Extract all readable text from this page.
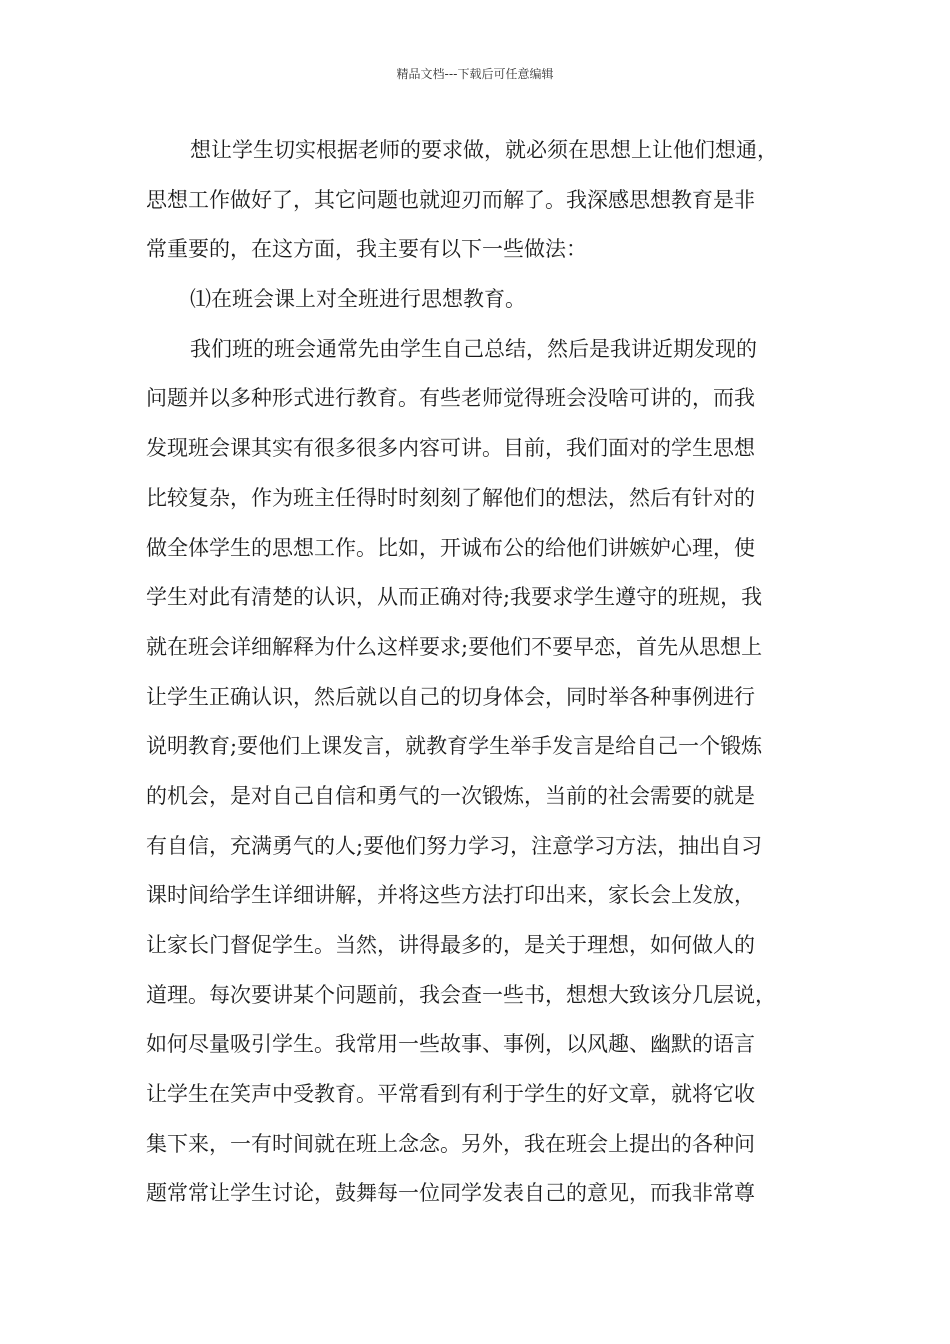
精品文档---下载后可任意编辑
想让学生切实根据老师的要求做，就必须在思想上让他们想通，
思想工作做好了，其它问题也就迎刃而解了。我深感思想教育是非
常重要的，在这方面，我主要有以下一些做法：
⑴在班会课上对全班进行思想教育。
我们班的班会通常先由学生自己总结，然后是我讲近期发现的
问题并以多种形式进行教育。有些老师觉得班会没啥可讲的，而我
发现班会课其实有很多很多内容可讲。目前，我们面对的学生思想
比较复杂，作为班主任得时时刻刻了解他们的想法，然后有针对的
做全体学生的思想工作。比如，开诚布公的给他们讲嫉妒心理，使
学生对此有清楚的认识，从而正确对待;我要求学生遵守的班规，我
就在班会详细解释为什么这样要求;要他们不要早恋，首先从思想上
让学生正确认识，然后就以自己的切身体会，同时举各种事例进行
说明教育;要他们上课发言，就教育学生举手发言是给自己一个锻炼
的机会，是对自己自信和勇气的一次锻炼，当前的社会需要的就是
有自信，充满勇气的人;要他们努力学习，注意学习方法，抽出自习
课时间给学生详细讲解，并将这些方法打印出来，家长会上发放，
让家长门督促学生。当然，讲得最多的，是关于理想，如何做人的
道理。每次要讲某个问题前，我会查一些书，想想大致该分几层说，
如何尽量吸引学生。我常用一些故事、事例，以风趣、幽默的语言
让学生在笑声中受教育。平常看到有利于学生的好文章，就将它收
集下来，一有时间就在班上念念。另外，我在班会上提出的各种问
题常常让学生讨论，鼓舞每一位同学发表自己的意见，而我非常尊
